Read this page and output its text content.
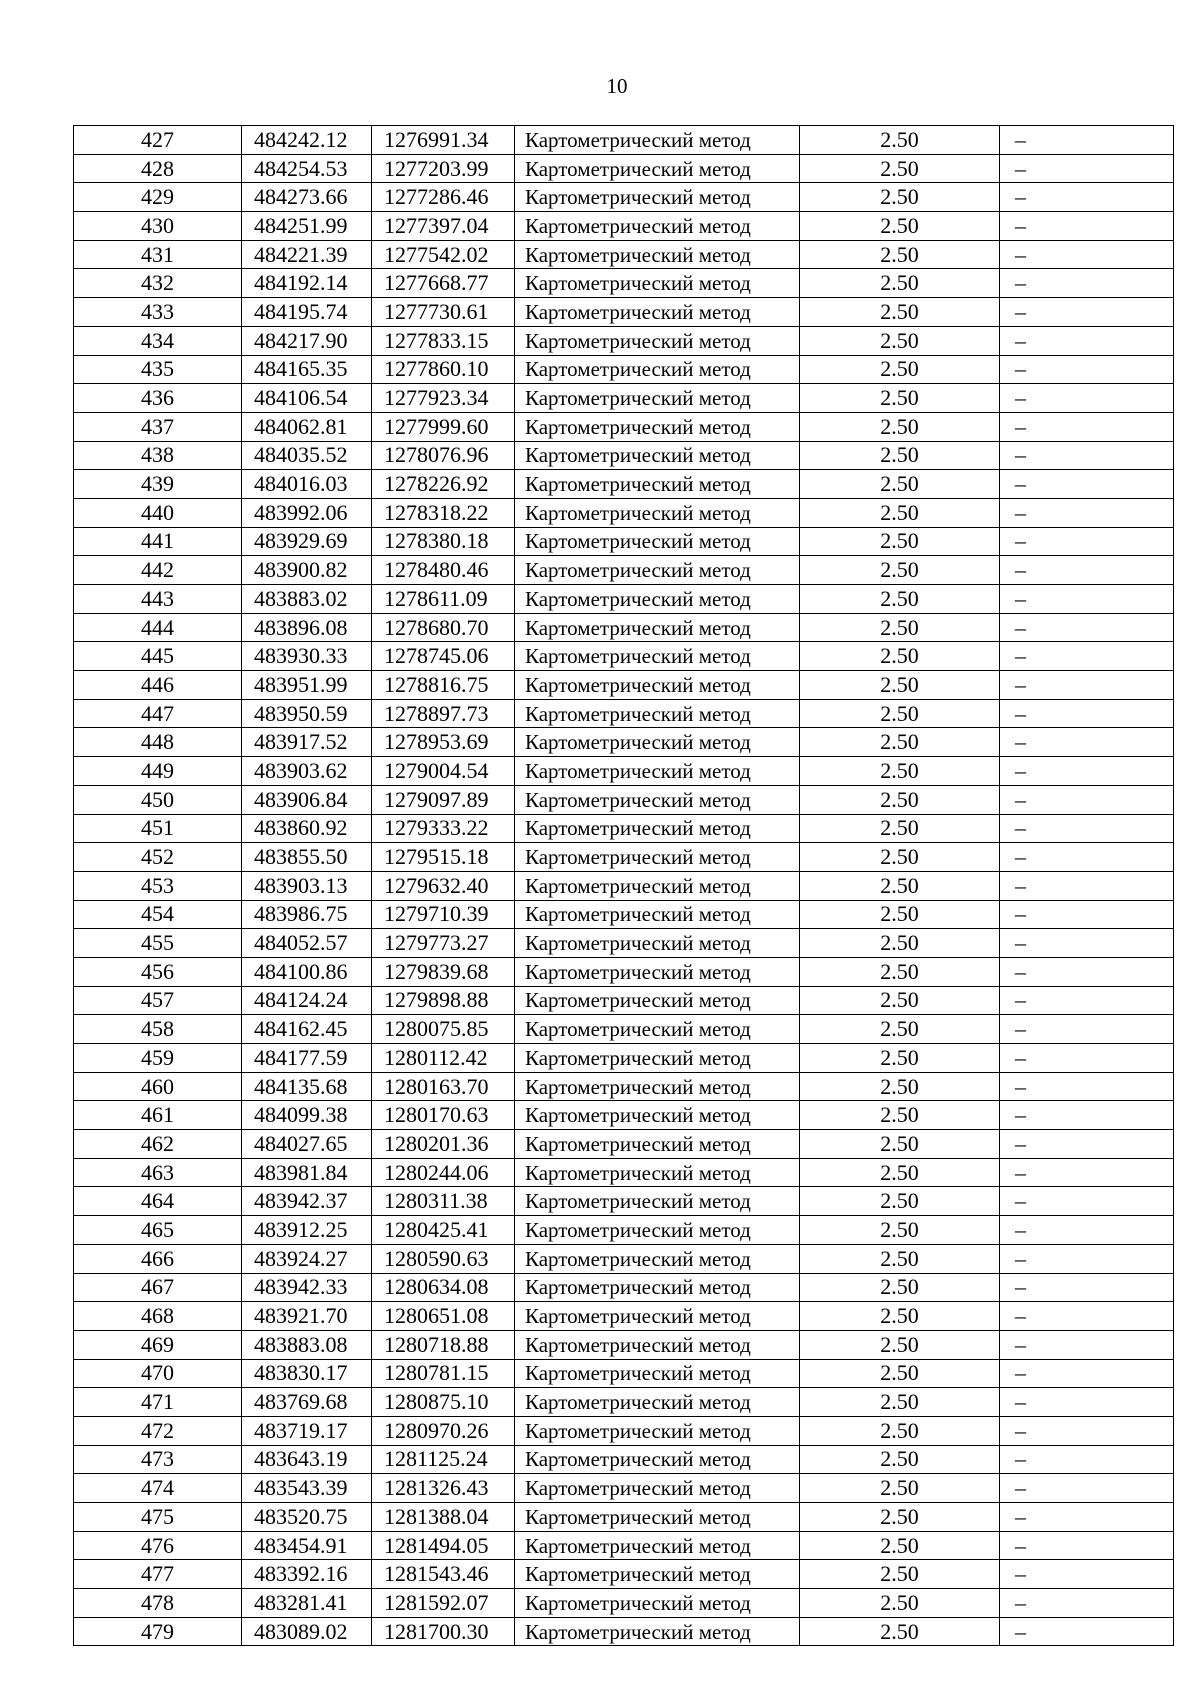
10
427	484242.12	1276991.34	Картометрический метод	2.50	–
428	484254.53	1277203.99	Картометрический метод	2.50	–
429	484273.66	1277286.46	Картометрический метод	2.50	–
430	484251.99	1277397.04	Картометрический метод	2.50	–
431	484221.39	1277542.02	Картометрический метод	2.50	–
432	484192.14	1277668.77	Картометрический метод	2.50	–
433	484195.74	1277730.61	Картометрический метод	2.50	–
434	484217.90	1277833.15	Картометрический метод	2.50	–
435	484165.35	1277860.10	Картометрический метод	2.50	–
436	484106.54	1277923.34	Картометрический метод	2.50	–
437	484062.81	1277999.60	Картометрический метод	2.50	–
438	484035.52	1278076.96	Картометрический метод	2.50	–
439	484016.03	1278226.92	Картометрический метод	2.50	–
440	483992.06	1278318.22	Картометрический метод	2.50	–
441	483929.69	1278380.18	Картометрический метод	2.50	–
442	483900.82	1278480.46	Картометрический метод	2.50	–
443	483883.02	1278611.09	Картометрический метод	2.50	–
444	483896.08	1278680.70	Картометрический метод	2.50	–
445	483930.33	1278745.06	Картометрический метод	2.50	–
446	483951.99	1278816.75	Картометрический метод	2.50	–
447	483950.59	1278897.73	Картометрический метод	2.50	–
448	483917.52	1278953.69	Картометрический метод	2.50	–
449	483903.62	1279004.54	Картометрический метод	2.50	–
450	483906.84	1279097.89	Картометрический метод	2.50	–
451	483860.92	1279333.22	Картометрический метод	2.50	–
452	483855.50	1279515.18	Картометрический метод	2.50	–
453	483903.13	1279632.40	Картометрический метод	2.50	–
454	483986.75	1279710.39	Картометрический метод	2.50	–
455	484052.57	1279773.27	Картометрический метод	2.50	–
456	484100.86	1279839.68	Картометрический метод	2.50	–
457	484124.24	1279898.88	Картометрический метод	2.50	–
458	484162.45	1280075.85	Картометрический метод	2.50	–
459	484177.59	1280112.42	Картометрический метод	2.50	–
460	484135.68	1280163.70	Картометрический метод	2.50	–
461	484099.38	1280170.63	Картометрический метод	2.50	–
462	484027.65	1280201.36	Картометрический метод	2.50	–
463	483981.84	1280244.06	Картометрический метод	2.50	–
464	483942.37	1280311.38	Картометрический метод	2.50	–
465	483912.25	1280425.41	Картометрический метод	2.50	–
466	483924.27	1280590.63	Картометрический метод	2.50	–
467	483942.33	1280634.08	Картометрический метод	2.50	–
468	483921.70	1280651.08	Картометрический метод	2.50	–
469	483883.08	1280718.88	Картометрический метод	2.50	–
470	483830.17	1280781.15	Картометрический метод	2.50	–
471	483769.68	1280875.10	Картометрический метод	2.50	–
472	483719.17	1280970.26	Картометрический метод	2.50	–
473	483643.19	1281125.24	Картометрический метод	2.50	–
474	483543.39	1281326.43	Картометрический метод	2.50	–
475	483520.75	1281388.04	Картометрический метод	2.50	–
476	483454.91	1281494.05	Картометрический метод	2.50	–
477	483392.16	1281543.46	Картометрический метод	2.50	–
478	483281.41	1281592.07	Картометрический метод	2.50	–
479	483089.02	1281700.30	Картометрический метод	2.50	–
